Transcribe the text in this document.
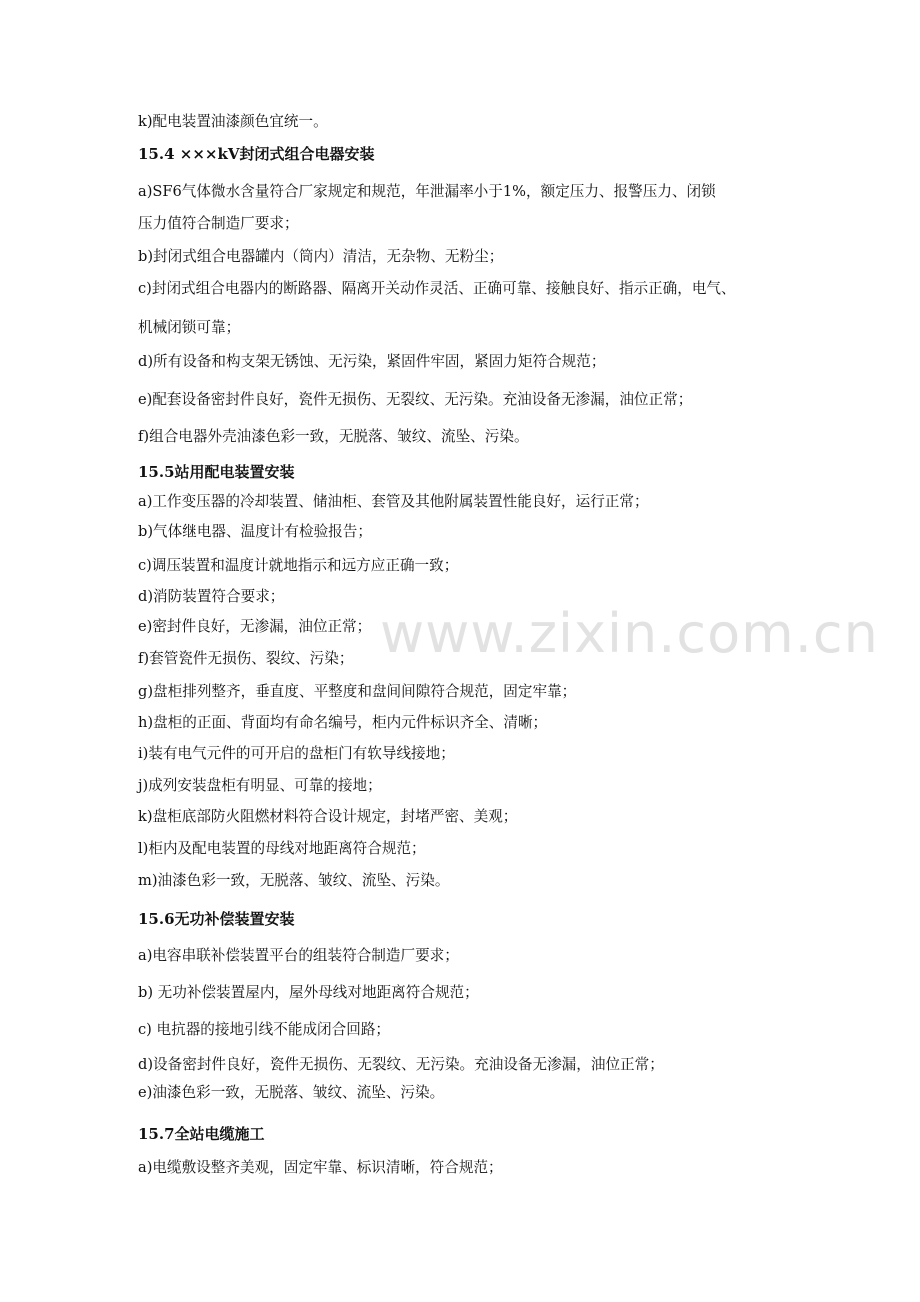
k)配电装置油漆颜色宜统一。
15.4 ×××kV封闭式组合电器安装
a)SF6气体微水含量符合厂家规定和规范，年泄漏率小于1%，额定压力、报警压力、闭锁
压力值符合制造厂要求；
b)封闭式组合电器罐内（筒内）清洁，无杂物、无粉尘；
c)封闭式组合电器内的断路器、隔离开关动作灵活、正确可靠、接触良好、指示正确，电气、
机械闭锁可靠；
d)所有设备和构支架无锈蚀、无污染，紧固件牢固，紧固力矩符合规范；
e)配套设备密封件良好，瓷件无损伤、无裂纹、无污染。充油设备无渗漏，油位正常；
f)组合电器外壳油漆色彩一致，无脱落、皱纹、流坠、污染。
15.5站用配电装置安装
a)工作变压器的冷却装置、储油柜、套管及其他附属装置性能良好，运行正常；
b)气体继电器、温度计有检验报告；
c)调压装置和温度计就地指示和远方应正确一致；
d)消防装置符合要求；
e)密封件良好，无渗漏，油位正常；
f)套管瓷件无损伤、裂纹、污染；
g)盘柜排列整齐，垂直度、平整度和盘间间隙符合规范，固定牢靠；
h)盘柜的正面、背面均有命名编号，柜内元件标识齐全、清晰；
i)装有电气元件的可开启的盘柜门有软导线接地；
j)成列安装盘柜有明显、可靠的接地；
k)盘柜底部防火阻燃材料符合设计规定，封堵严密、美观；
l)柜内及配电装置的母线对地距离符合规范；
m)油漆色彩一致，无脱落、皱纹、流坠、污染。
15.6无功补偿装置安装
a)电容串联补偿装置平台的组装符合制造厂要求；
b) 无功补偿装置屋内，屋外母线对地距离符合规范；
c) 电抗器的接地引线不能成闭合回路；
d)设备密封件良好，瓷件无损伤、无裂纹、无污染。充油设备无渗漏，油位正常；
e)油漆色彩一致，无脱落、皱纹、流坠、污染。
15.7全站电缆施工
a)电缆敷设整齐美观，固定牢靠、标识清晰，符合规范；
www.zixin.com.cn
